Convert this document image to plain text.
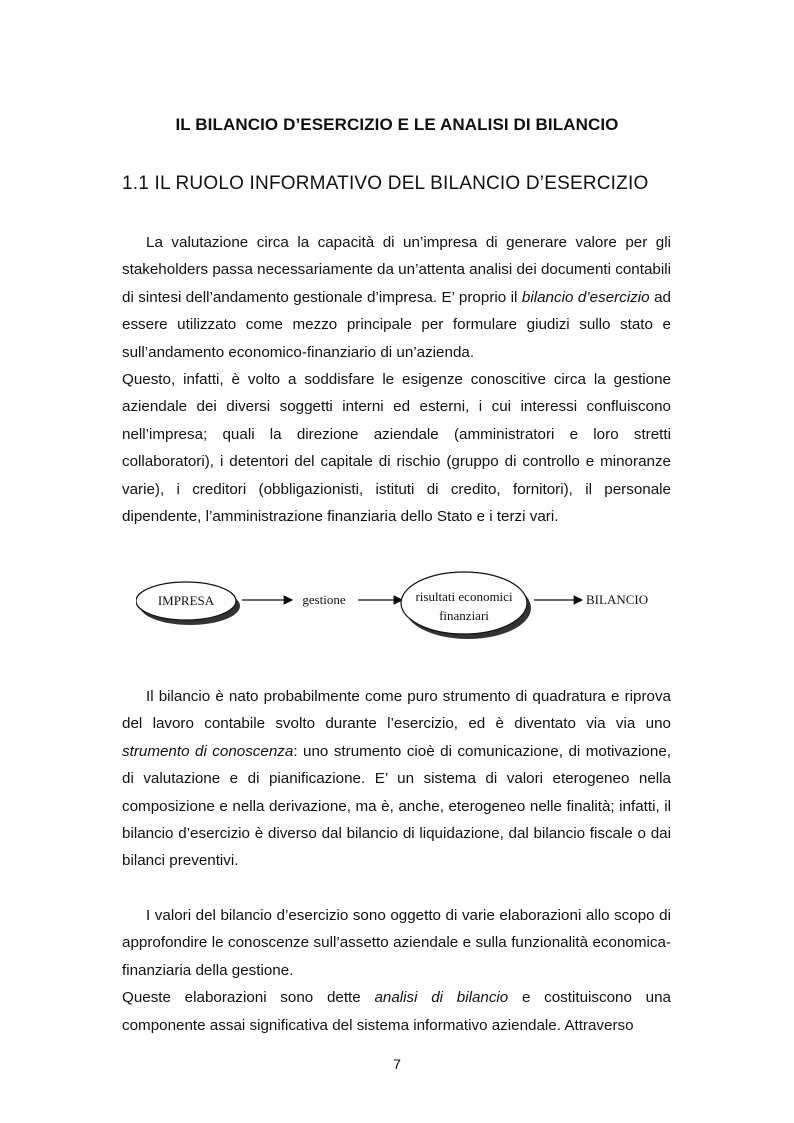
IL BILANCIO D’ESERCIZIO E LE ANALISI DI BILANCIO
1.1 IL RUOLO INFORMATIVO DEL BILANCIO D’ESERCIZIO

La valutazione circa la capacità di un’impresa di generare valore per gli stakeholders passa necessariamente da un’attenta analisi dei documenti contabili di sintesi dell’andamento gestionale d’impresa. E’ proprio il bilancio d’esercizio ad essere utilizzato come mezzo principale per formulare giudizi sullo stato e sull’andamento economico-finanziario di un’azienda.
Questo, infatti, è volto a soddisfare le esigenze conoscitive circa la gestione aziendale dei diversi soggetti interni ed esterni, i cui interessi confluiscono nell’impresa; quali la direzione aziendale (amministratori e loro stretti collaboratori), i detentori del capitale di rischio (gruppo di controllo e minoranze varie), i creditori (obbligazionisti, istituti di credito, fornitori), il personale dipendente, l’amministrazione finanziaria dello Stato e i terzi vari.

IMPRESA	gestione	risultati economici
finanziari
BILANCIO

Il bilancio è nato probabilmente come puro strumento di quadratura e riprova del lavoro contabile svolto durante l’esercizio, ed è diventato via via uno strumento di conoscenza: uno strumento cioè di comunicazione, di motivazione, di valutazione e di pianificazione. E’ un sistema di valori eterogeneo nella composizione e nella derivazione, ma è, anche, eterogeneo nelle finalità; infatti, il bilancio d’esercizio è diverso dal bilancio di liquidazione, dal bilancio fiscale o dai bilanci preventivi.

I valori del bilancio d’esercizio sono oggetto di varie elaborazioni allo scopo di approfondire le conoscenze sull’assetto aziendale e sulla funzionalità economica-finanziaria della gestione.
Queste elaborazioni sono dette analisi di bilancio e costituiscono una componente assai significativa del sistema informativo aziendale. Attraverso

7
